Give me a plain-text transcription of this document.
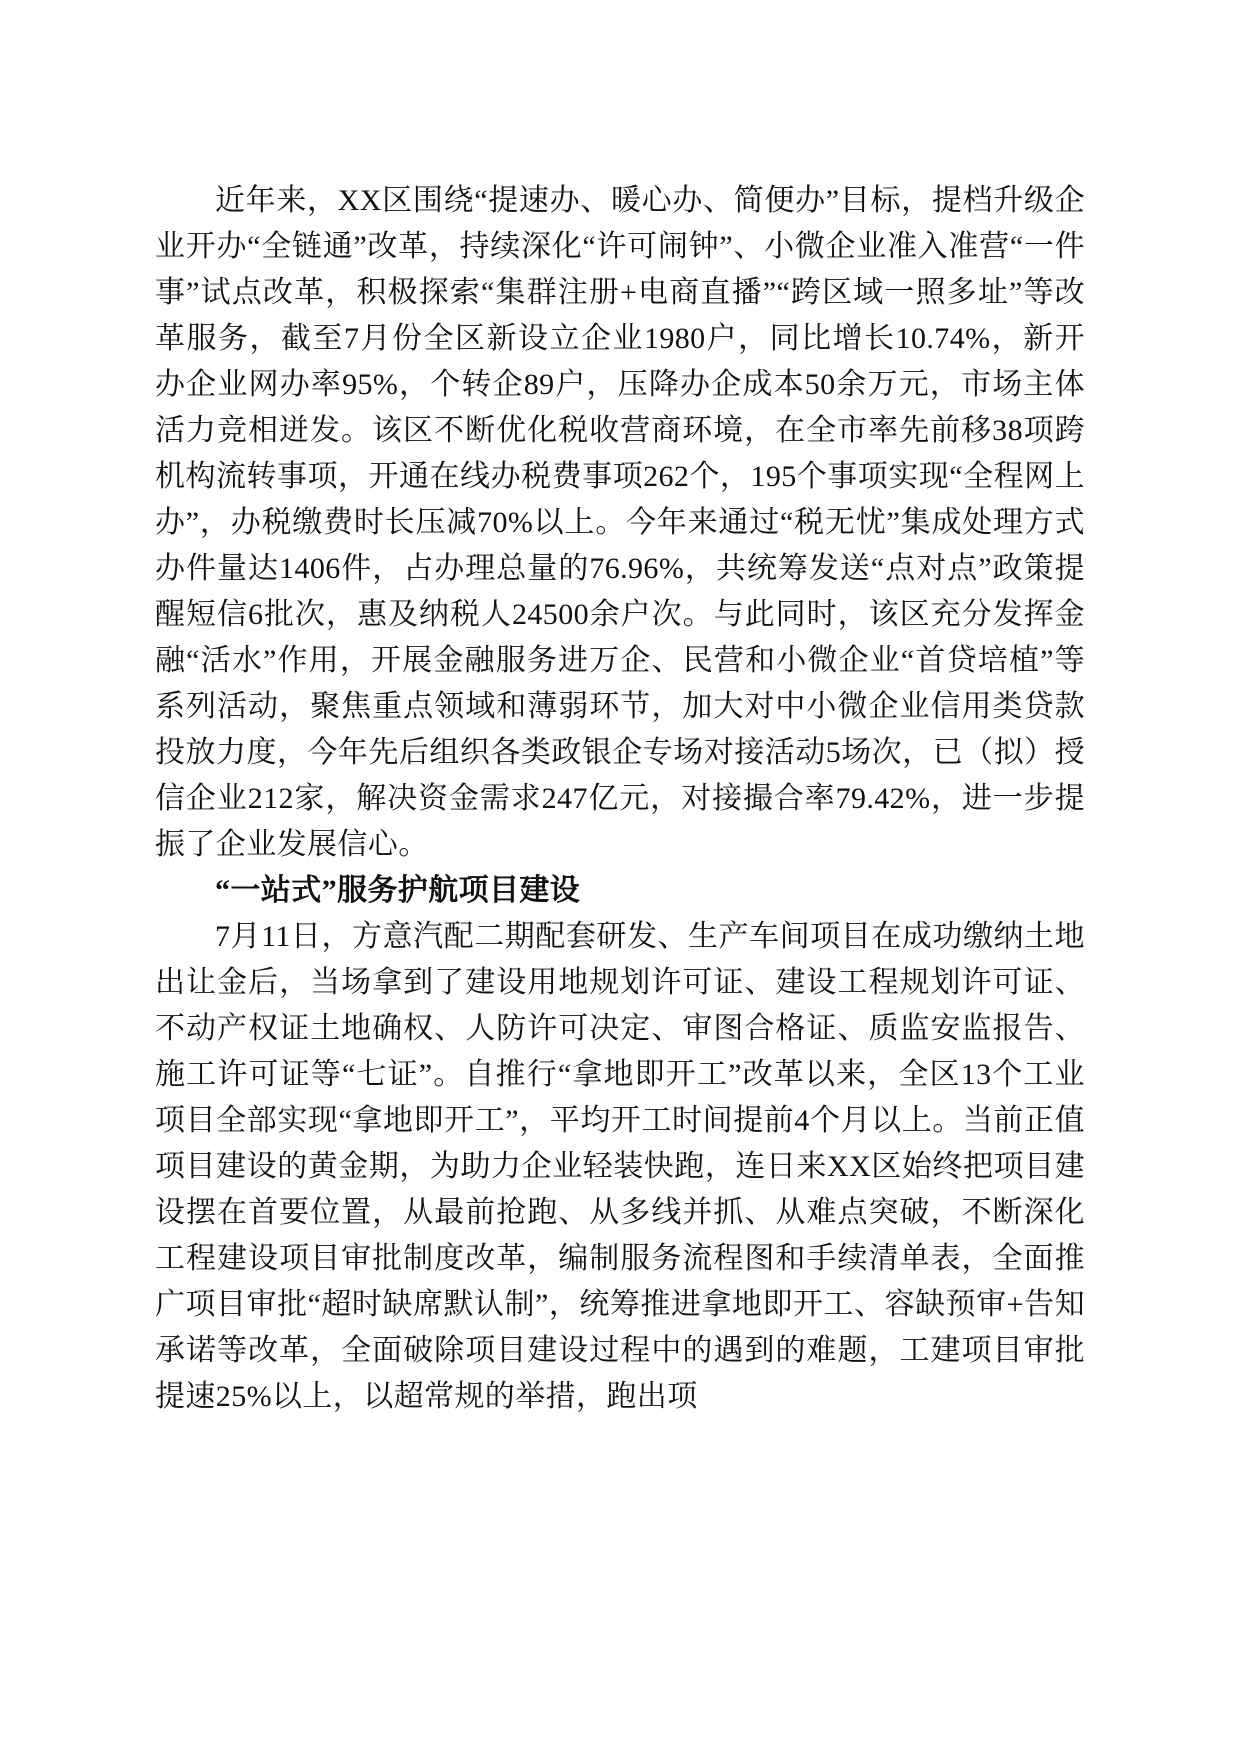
近年来，XX区围绕“提速办、暖心办、简便办”目标，提档升级企业开办“全链通”改革，持续深化“许可闹钟”、小微企业准入准营“一件事”试点改革，积极探索“集群注册+电商直播”“跨区域一照多址”等改革服务，截至7月份全区新设立企业1980户，同比增长10.74%，新开办企业网办率95%，个转企89户，压降办企成本50余万元，市场主体活力竞相迸发。该区不断优化税收营商环境，在全市率先前移38项跨机构流转事项，开通在线办税费事项262个，195个事项实现“全程网上办”，办税缴费时长压减70%以上。今年来通过“税无忧”集成处理方式办件量达1406件，占办理总量的76.96%，共统筹发送“点对点”政策提醒短信6批次，惠及纳税人24500余户次。与此同时，该区充分发挥金融“活水”作用，开展金融服务进万企、民营和小微企业“首贷培植”等系列活动，聚焦重点领域和薄弱环节，加大对中小微企业信用类贷款投放力度，今年先后组织各类政银企专场对接活动5场次，已（拟）授信企业212家，解决资金需求247亿元，对接撮合率79.42%，进一步提振了企业发展信心。

“一站式”服务护航项目建设

7月11日，方意汽配二期配套研发、生产车间项目在成功缴纳土地出让金后，当场拿到了建设用地规划许可证、建设工程规划许可证、不动产权证土地确权、人防许可决定、审图合格证、质监安监报告、施工许可证等“七证”。自推行“拿地即开工”改革以来，全区13个工业项目全部实现“拿地即开工”，平均开工时间提前4个月以上。当前正值项目建设的黄金期，为助力企业轻装快跑，连日来XX区始终把项目建设摆在首要位置，从最前抢跑、从多线并抓、从难点突破，不断深化工程建设项目审批制度改革，编制服务流程图和手续清单表，全面推广项目审批“超时缺席默认制”，统筹推进拿地即开工、容缺预审+告知承诺等改革，全面破除项目建设过程中的遇到的难题，工建项目审批提速25%以上，以超常规的举措，跑出项
